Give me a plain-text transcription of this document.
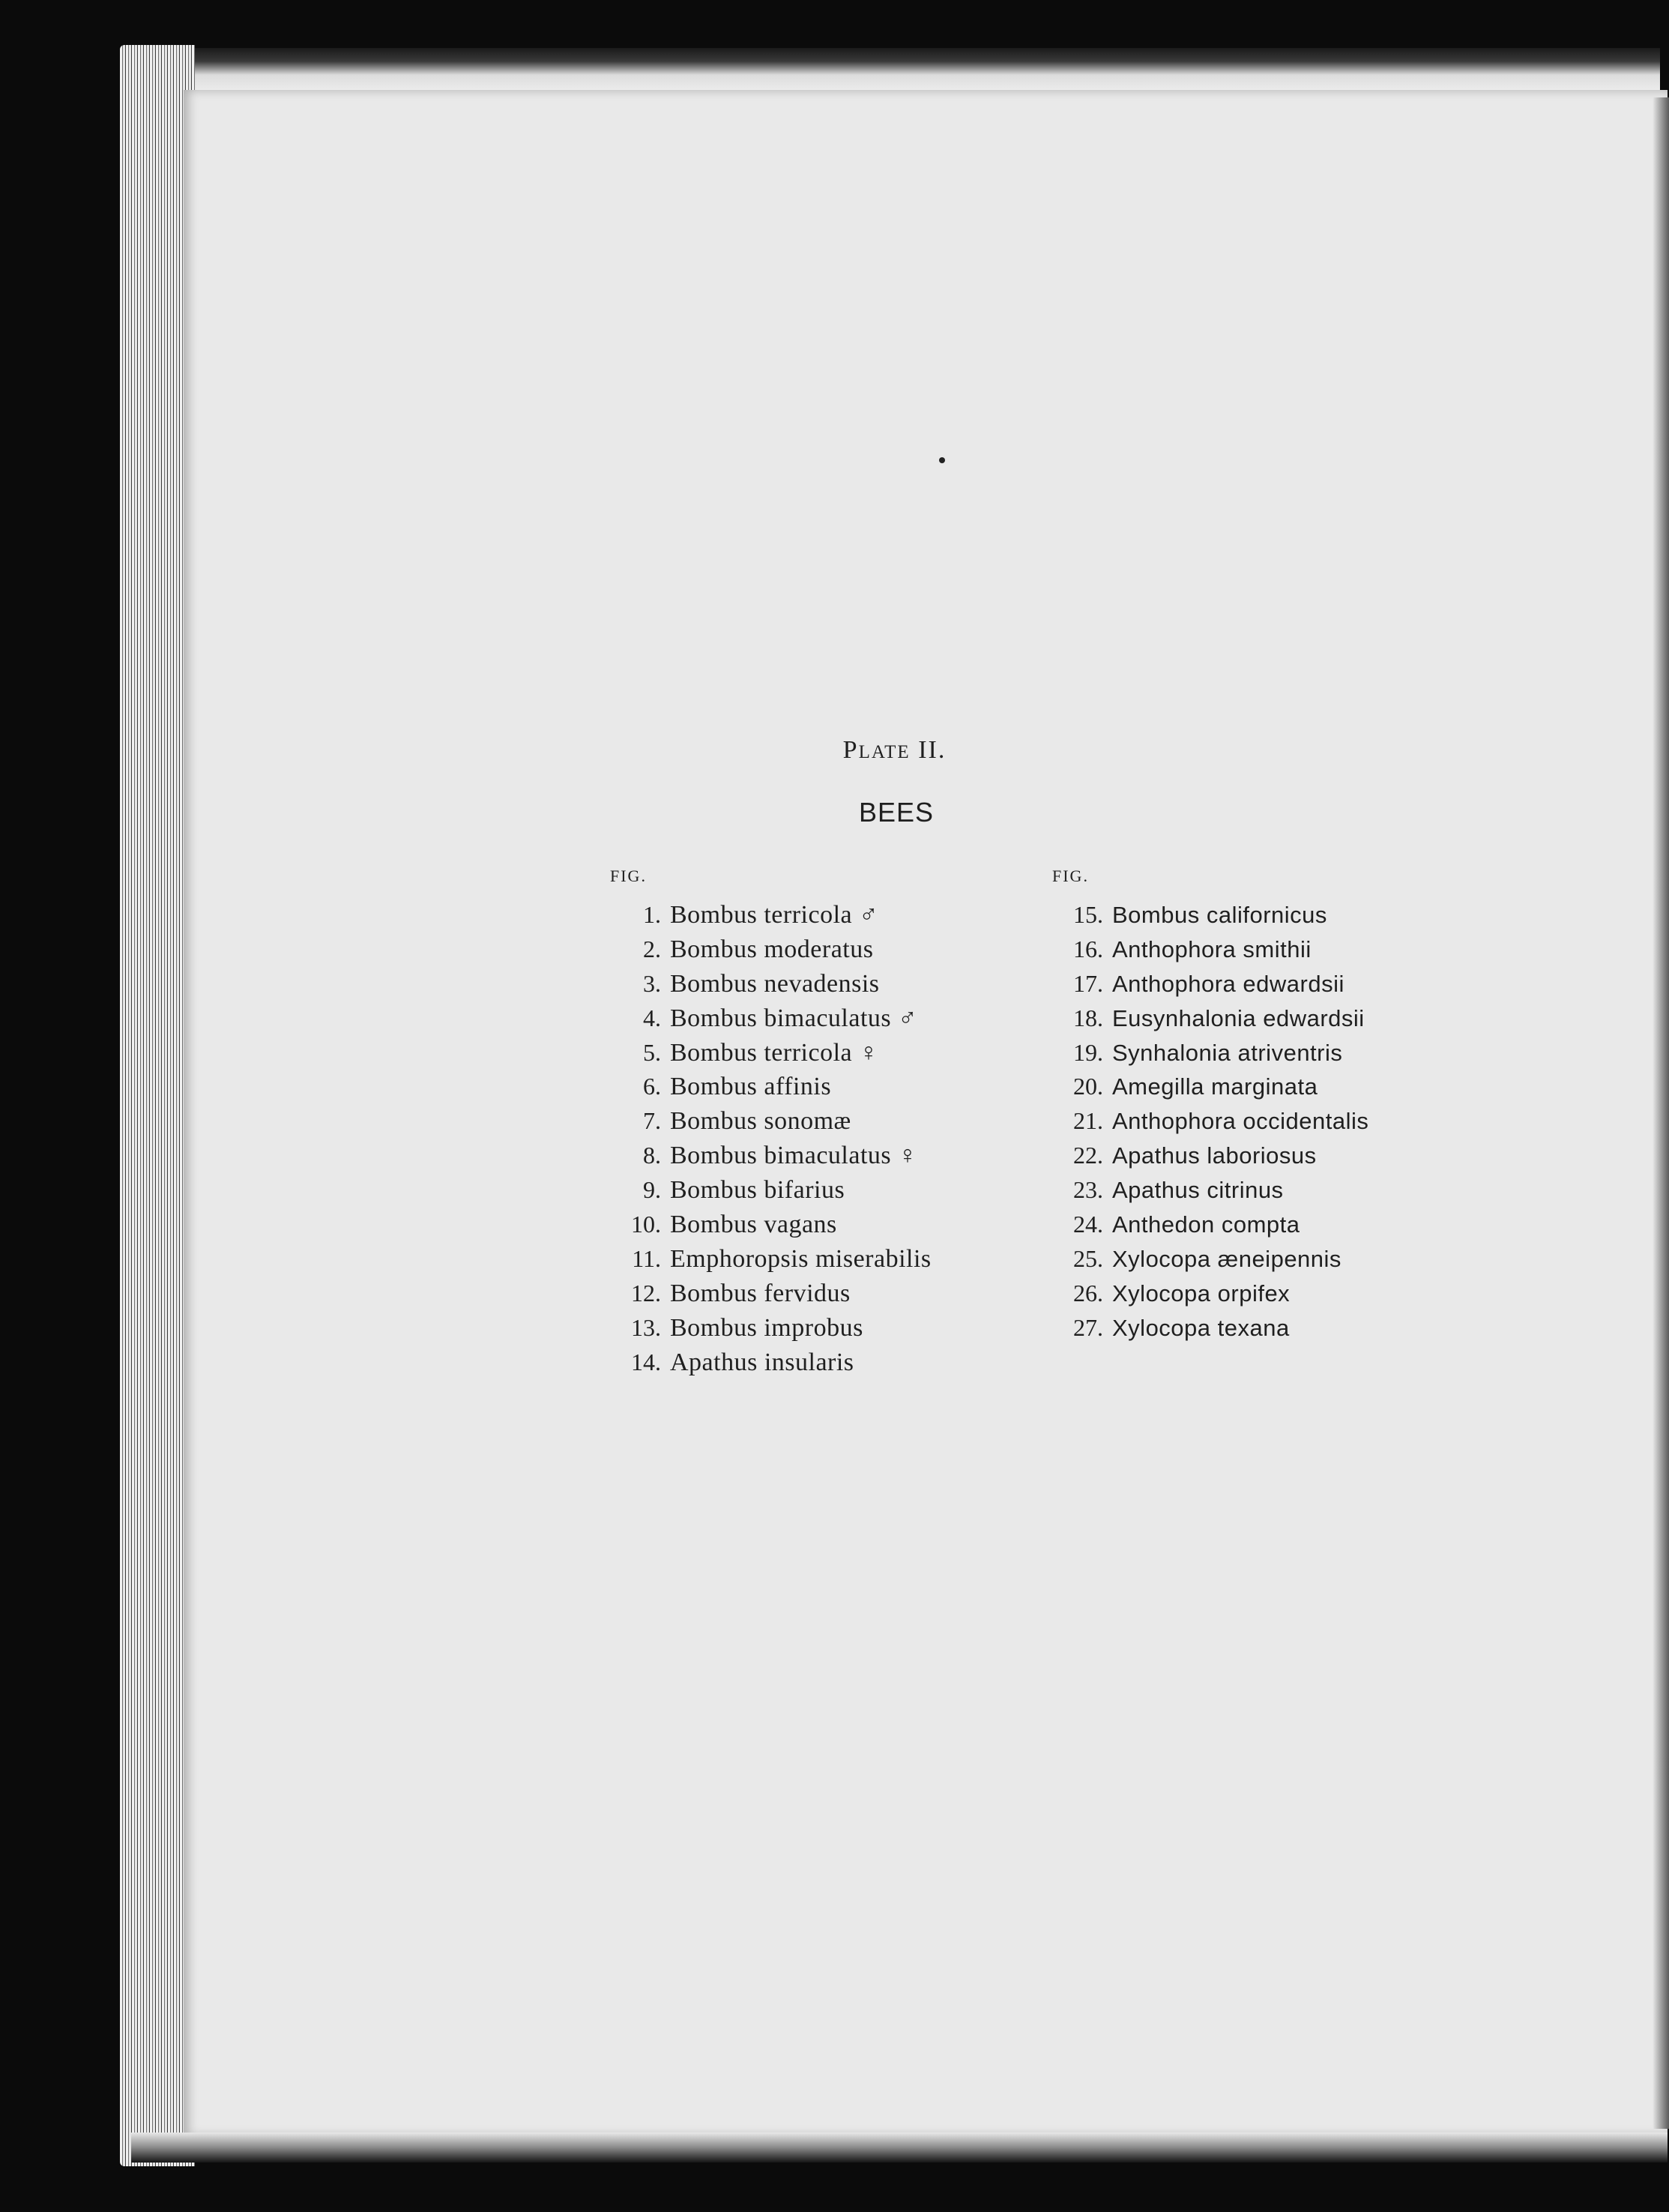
PLATE II.
BEES
FIG.
1. Bombus terricola ♂
2. Bombus moderatus
3. Bombus nevadensis
4. Bombus bimaculatus ♂
5. Bombus terricola ♀
6. Bombus affinis
7. Bombus sonomæ
8. Bombus bimaculatus ♀
9. Bombus bifarius
10. Bombus vagans
11. Emphoropsis miserabilis
12. Bombus fervidus
13. Bombus improbus
14. Apathus insularis
FIG.
15. Bombus californicus
16. Anthophora smithii
17. Anthophora edwardsii
18. Eusynhalonia edwardsii
19. Synhalonia atriventris
20. Amegilla marginata
21. Anthophora occidentalis
22. Apathus laboriosus
23. Apathus citrinus
24. Anthedon compta
25. Xylocopa æneipennis
26. Xylocopa orpifex
27. Xylocopa texana
